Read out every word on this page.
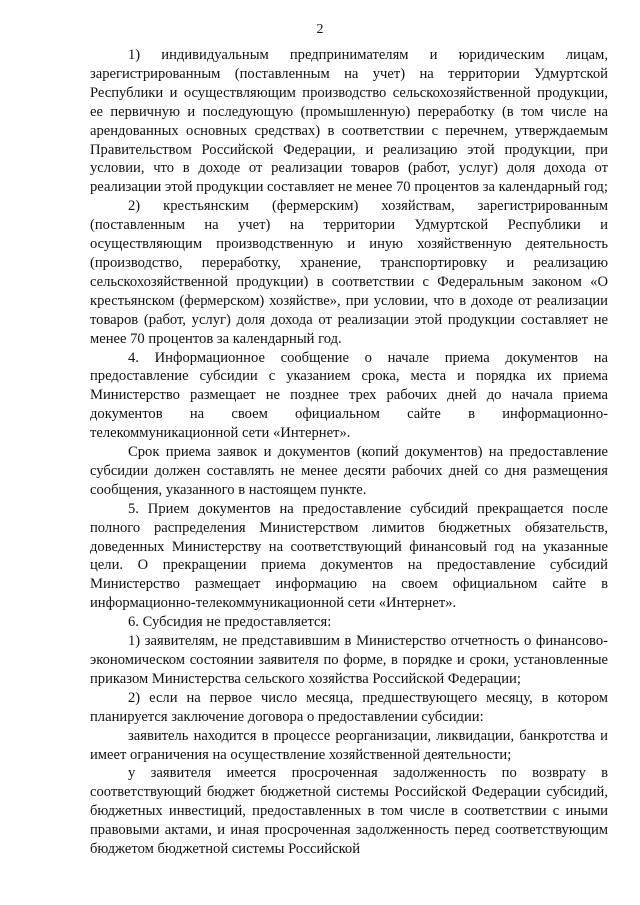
2

1) индивидуальным предпринимателям и юридическим лицам, зарегистрированным (поставленным на учет) на территории Удмуртской Республики и осуществляющим производство сельскохозяйственной продукции, ее первичную и последующую (промышленную) переработку (в том числе на арендованных основных средствах) в соответствии с перечнем, утверждаемым Правительством Российской Федерации, и реализацию этой продукции, при условии, что в доходе от реализации товаров (работ, услуг) доля дохода от реализации этой продукции составляет не менее 70 процентов за календарный год;

2) крестьянским (фермерским) хозяйствам, зарегистрированным (поставленным на учет) на территории Удмуртской Республики и осуществляющим производственную и иную хозяйственную деятельность (производство, переработку, хранение, транспортировку и реализацию сельскохозяйственной продукции) в соответствии с Федеральным законом «О крестьянском (фермерском) хозяйстве», при условии, что в доходе от реализации товаров (работ, услуг) доля дохода от реализации этой продукции составляет не менее 70 процентов за календарный год.

4. Информационное сообщение о начале приема документов на предоставление субсидии с указанием срока, места и порядка их приема Министерство размещает не позднее трех рабочих дней до начала приема документов на своем официальном сайте в информационно-телекоммуникационной сети «Интернет».

Срок приема заявок и документов (копий документов) на предоставление субсидии должен составлять не менее десяти рабочих дней со дня размещения сообщения, указанного в настоящем пункте.

5. Прием документов на предоставление субсидий прекращается после полного распределения Министерством лимитов бюджетных обязательств, доведенных Министерству на соответствующий финансовый год на указанные цели. О прекращении приема документов на предоставление субсидий Министерство размещает информацию на своем официальном сайте в информационно-телекоммуникационной сети «Интернет».

6. Субсидия не предоставляется:

1) заявителям, не представившим в Министерство отчетность о финансово-экономическом состоянии заявителя по форме, в порядке и сроки, установленные приказом Министерства сельского хозяйства Российской Федерации;

2) если на первое число месяца, предшествующего месяцу, в котором планируется заключение договора о предоставлении субсидии:

заявитель находится в процессе реорганизации, ликвидации, банкротства и имеет ограничения на осуществление хозяйственной деятельности;

у заявителя имеется просроченная задолженность по возврату в соответствующий бюджет бюджетной системы Российской Федерации субсидий, бюджетных инвестиций, предоставленных в том числе в соответствии с иными правовыми актами, и иная просроченная задолженность перед соответствующим бюджетом бюджетной системы Российской
